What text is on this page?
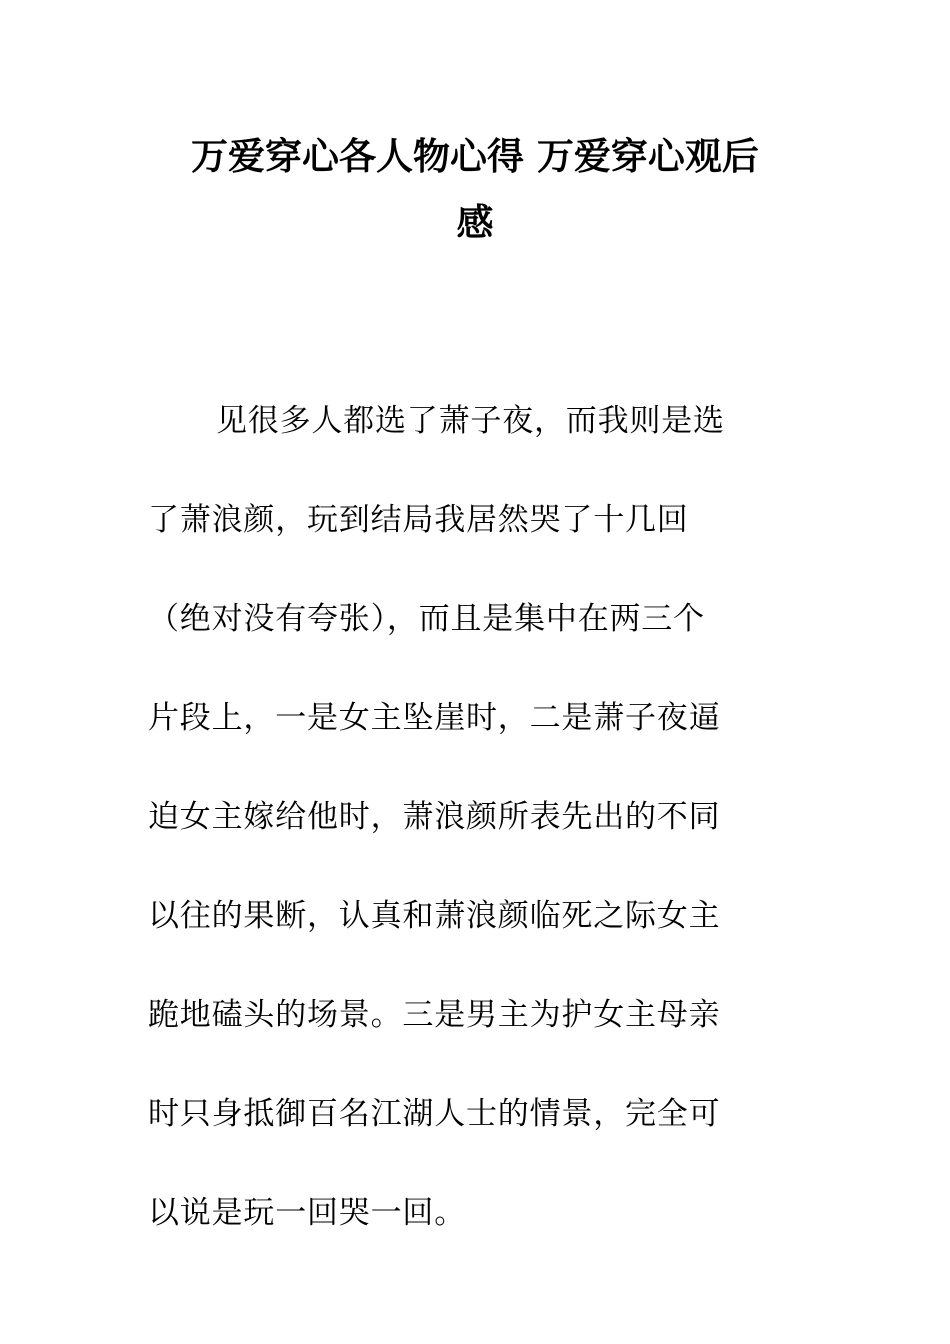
万爱穿心各人物心得 万爱穿心观后
感
见很多人都选了萧子夜，而我则是选
了萧浪颜，玩到结局我居然哭了十几回
（绝对没有夸张），而且是集中在两三个
片段上，一是女主坠崖时，二是萧子夜逼
迫女主嫁给他时，萧浪颜所表先出的不同
以往的果断，认真和萧浪颜临死之际女主
跪地磕头的场景。三是男主为护女主母亲
时只身抵御百名江湖人士的情景，完全可
以说是玩一回哭一回。
